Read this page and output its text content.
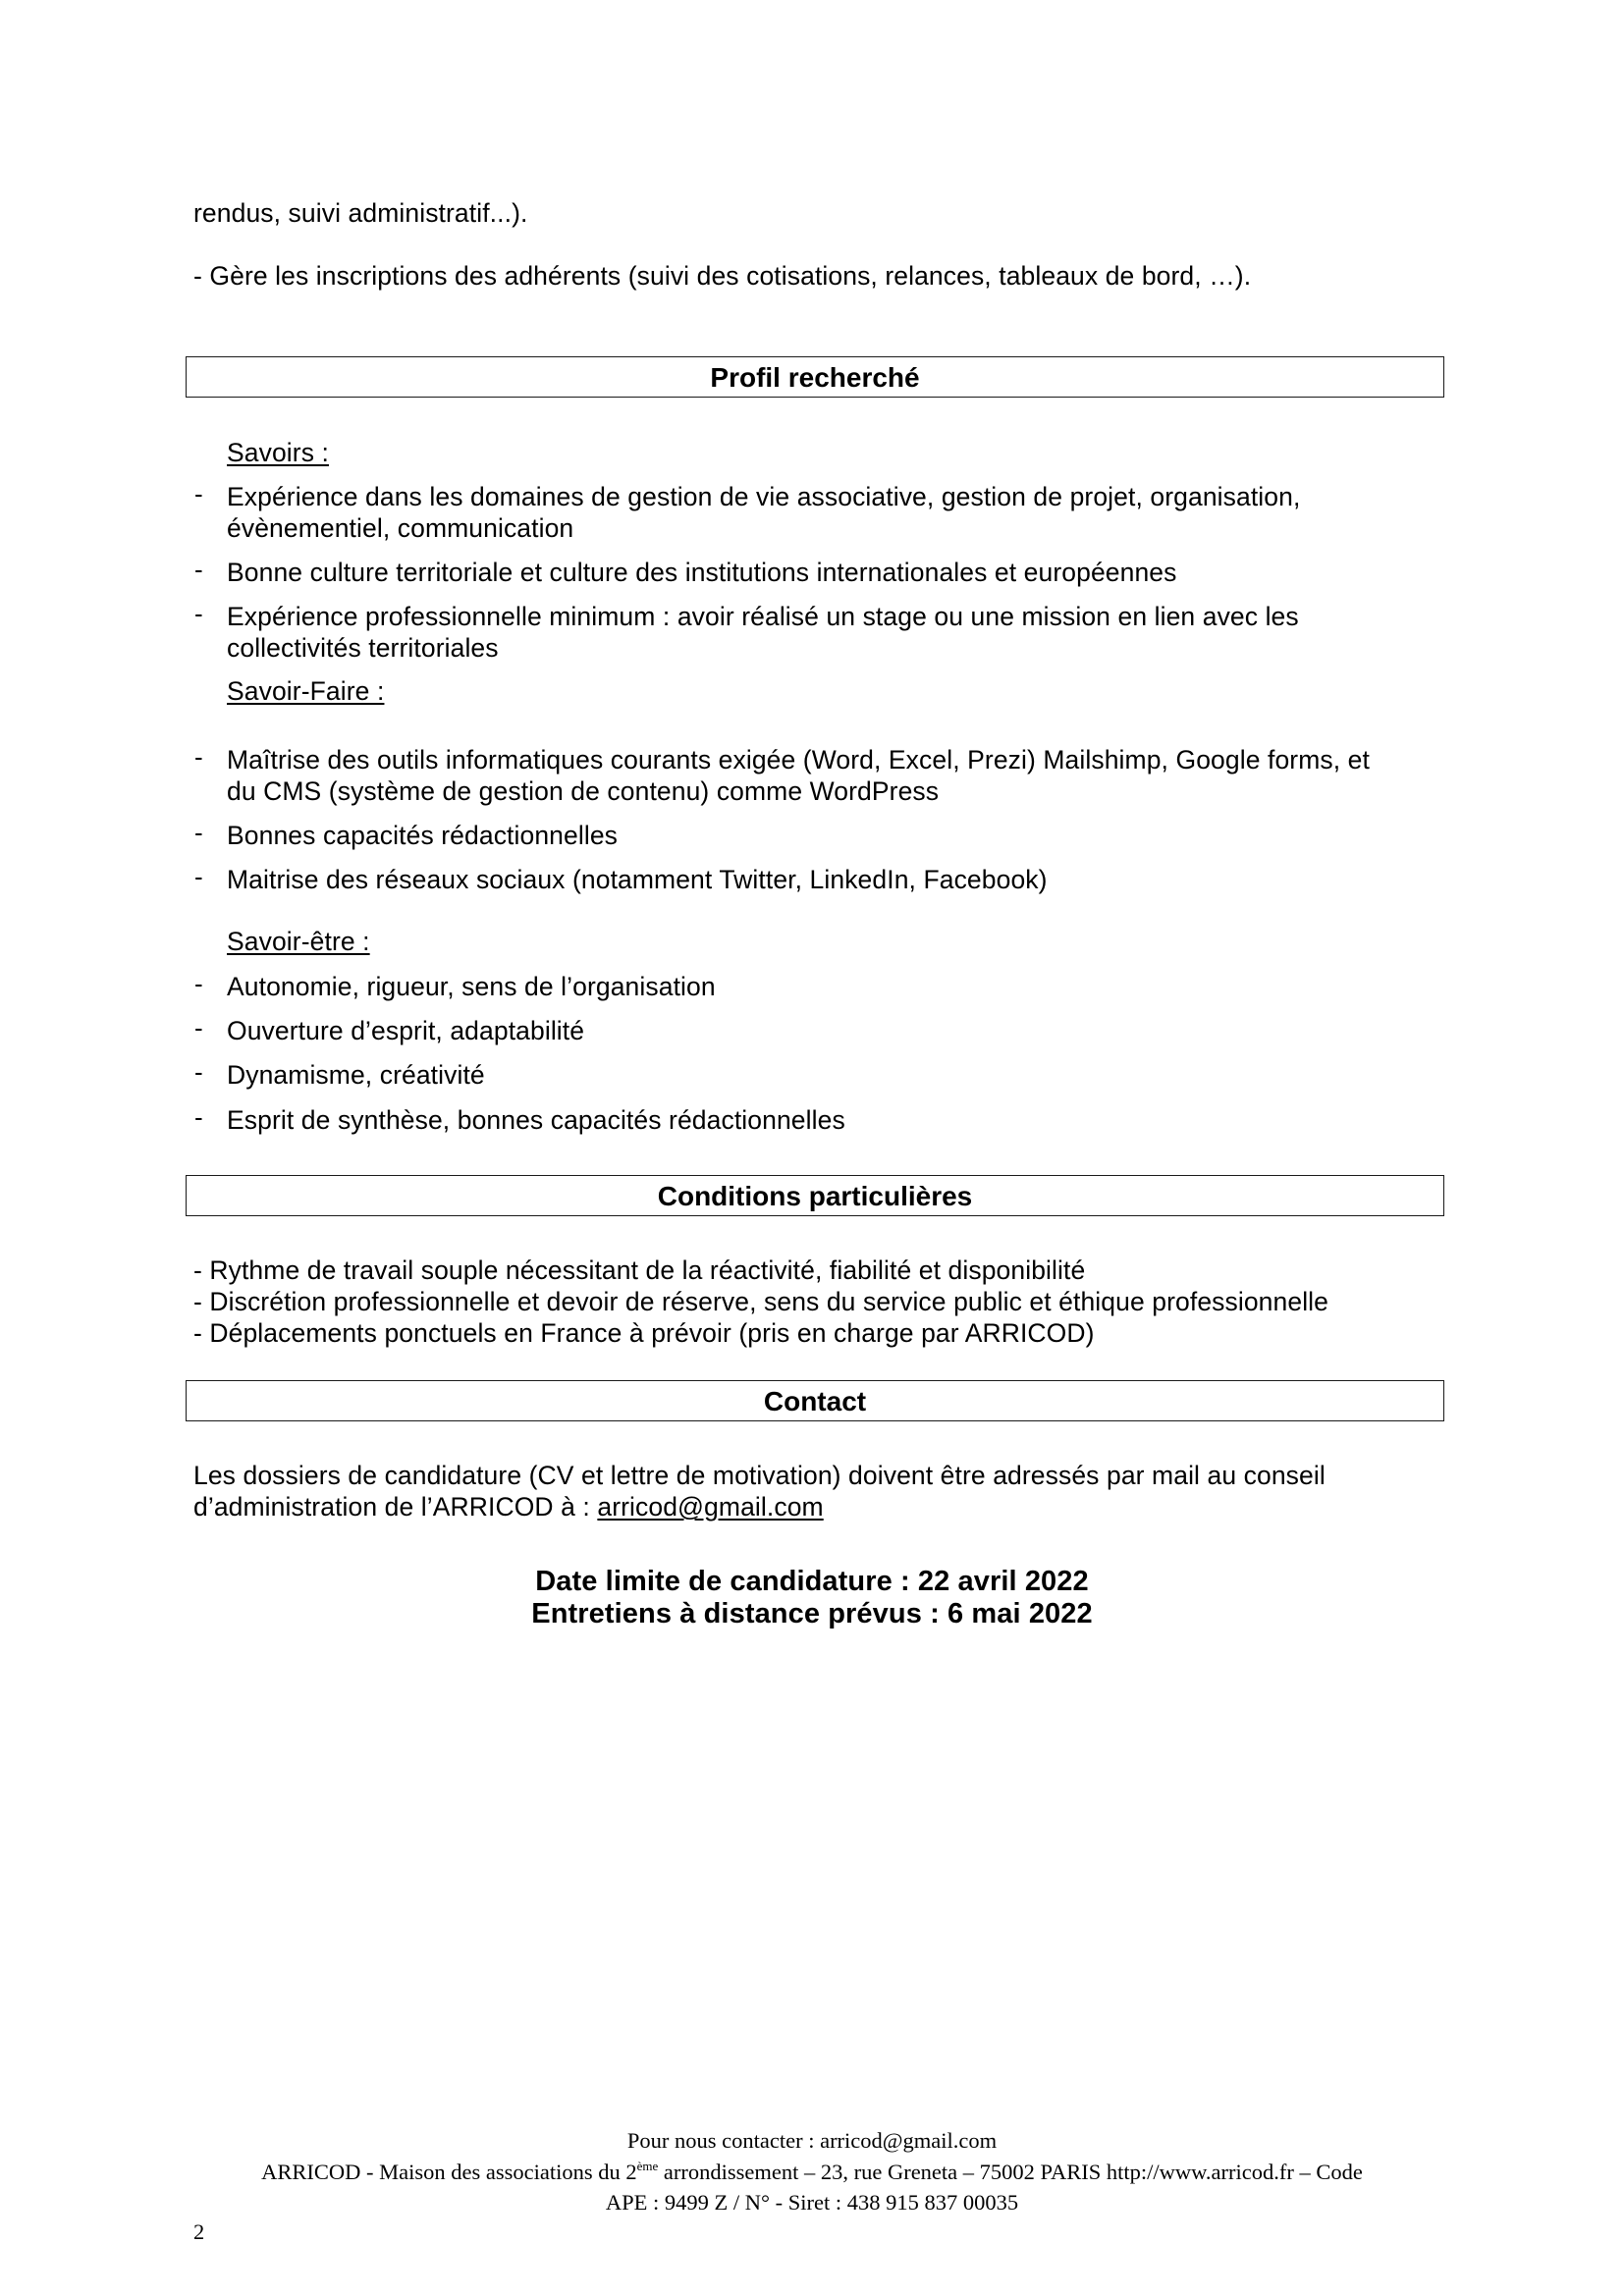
rendus, suivi administratif...).
- Gère les inscriptions des adhérents (suivi des cotisations, relances, tableaux de bord, …).
Profil recherché
Savoirs :
- Expérience dans les domaines de gestion de vie associative, gestion de projet, organisation,
évènementiel, communication
- Bonne culture territoriale et culture des institutions internationales et européennes
- Expérience professionnelle minimum : avoir réalisé un stage ou une mission en lien avec les
collectivités territoriales
Savoir-Faire :
- Maîtrise des outils informatiques courants exigée (Word, Excel, Prezi) Mailshimp, Google forms, et
du CMS (système de gestion de contenu) comme WordPress
- Bonnes capacités rédactionnelles
- Maitrise des réseaux sociaux (notamment Twitter, LinkedIn, Facebook)
Savoir-être :
- Autonomie, rigueur, sens de l’organisation
- Ouverture d’esprit, adaptabilité
- Dynamisme, créativité
- Esprit de synthèse, bonnes capacités rédactionnelles
Conditions particulières
- Rythme de travail souple nécessitant de la réactivité, fiabilité et disponibilité
- Discrétion professionnelle et devoir de réserve, sens du service public et éthique professionnelle
- Déplacements ponctuels en France à prévoir (pris en charge par ARRICOD)
Contact
Les dossiers de candidature (CV et lettre de motivation) doivent être adressés par mail au conseil
d’administration de l’ARRICOD à : arricod@gmail.com
Date limite de candidature : 22 avril 2022
Entretiens à distance prévus : 6 mai 2022
Pour nous contacter : arricod@gmail.com
ARRICOD - Maison des associations du 2ème arrondissement – 23, rue Greneta – 75002 PARIS http://www.arricod.fr – Code
APE : 9499 Z / N° - Siret : 438 915 837 00035
2
